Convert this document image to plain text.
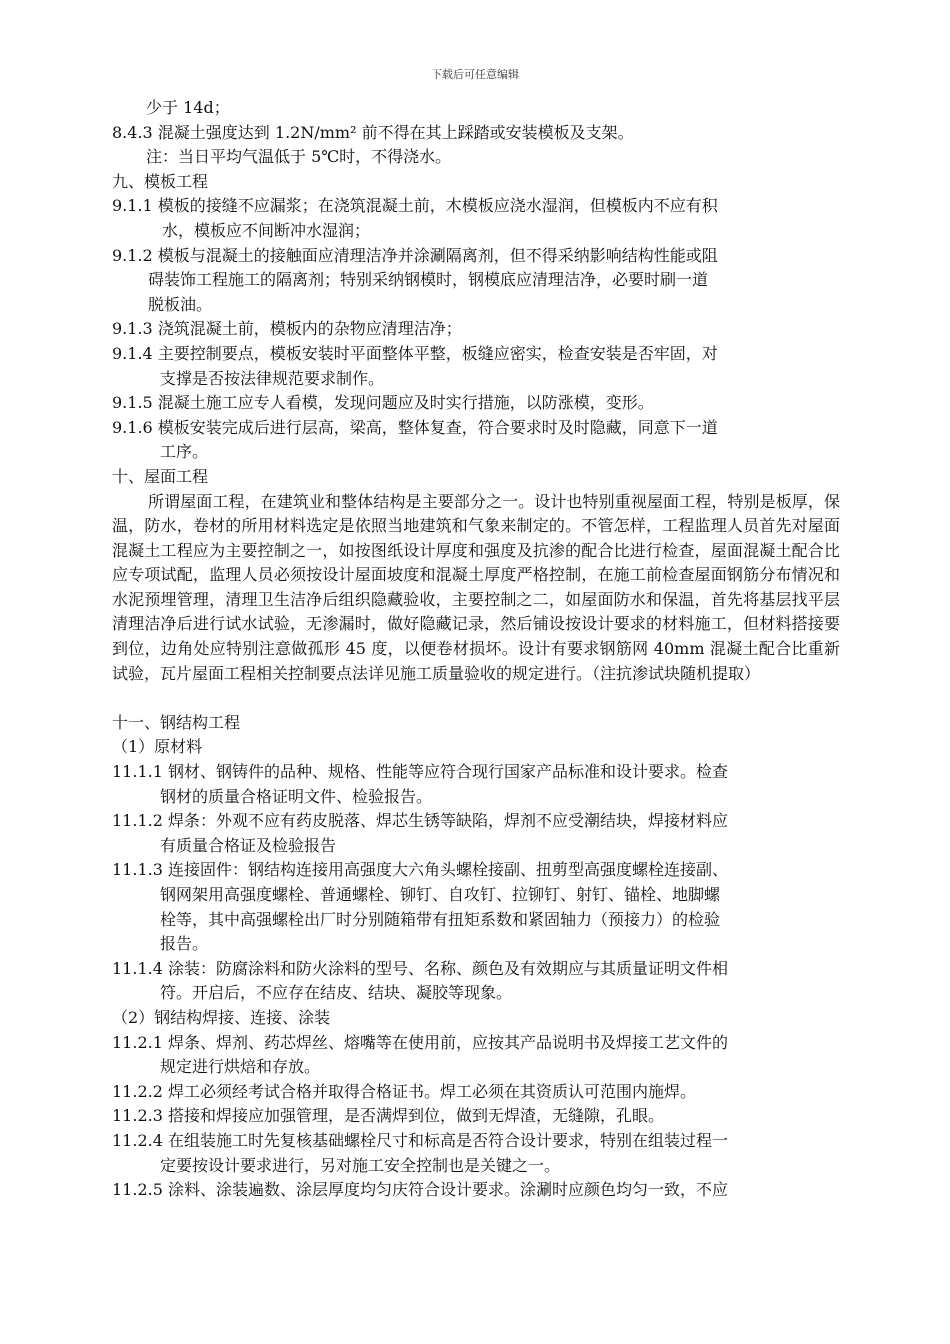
下载后可任意编辑
少于 14d；
8.4.3 混凝土强度达到 1.2N/mm² 前不得在其上踩踏或安装模板及支架。
注：当日平均气温低于 5℃时，不得浇水。
九、模板工程
9.1.1 模板的接缝不应漏浆；在浇筑混凝土前，木模板应浇水湿润，但模板内不应有积
水，模板应不间断冲水湿润；
9.1.2 模板与混凝土的接触面应清理洁净并涂涮隔离剂，但不得采纳影响结构性能或阻
碍装饰工程施工的隔离剂；特别采纳钢模时，钢模底应清理洁净，必要时刷一道
脱板油。
9.1.3 浇筑混凝土前，模板内的杂物应清理洁净；
9.1.4 主要控制要点，模板安装时平面整体平整，板缝应密实，检查安装是否牢固，对
支撑是否按法律规范要求制作。
9.1.5 混凝土施工应专人看模，发现问题应及时实行措施，以防涨模，变形。
9.1.6 模板安装完成后进行层高，梁高，整体复查，符合要求时及时隐藏，同意下一道
工序。
十、屋面工程
所谓屋面工程，在建筑业和整体结构是主要部分之一。设计也特别重视屋面工程，特别是板厚，保温，防水，卷材的所用材料选定是依照当地建筑和气象来制定的。不管怎样，工程监理人员首先对屋面混凝土工程应为主要控制之一，如按图纸设计厚度和强度及抗渗的配合比进行检查，屋面混凝土配合比应专项试配，监理人员必须按设计屋面坡度和混凝土厚度严格控制，在施工前检查屋面钢筋分布情况和水泥预埋管理，清理卫生洁净后组织隐藏验收，主要控制之二，如屋面防水和保温，首先将基层找平层清理洁净后进行试水试验，无渗漏时，做好隐藏记录，然后铺设按设计要求的材料施工，但材料搭接要到位，边角处应特别注意做孤形 45 度，以便卷材损坏。设计有要求钢筋网 40mm 混凝土配合比重新试验，瓦片屋面工程相关控制要点法详见施工质量验收的规定进行。（注抗渗试块随机提取）
十一、钢结构工程
（1）原材料
11.1.1 钢材、钢铸件的品种、规格、性能等应符合现行国家产品标准和设计要求。检查
钢材的质量合格证明文件、检验报告。
11.1.2 焊条：外观不应有药皮脱落、焊芯生锈等缺陷，焊剂不应受潮结块，焊接材料应
有质量合格证及检验报告
11.1.3 连接固件：钢结构连接用高强度大六角头螺栓接副、扭剪型高强度螺栓连接副、
钢网架用高强度螺栓、普通螺栓、铆钉、自攻钉、拉铆钉、射钉、锚栓、地脚螺
栓等，其中高强螺栓出厂时分别随箱带有扭矩系数和紧固轴力（预接力）的检验
报告。
11.1.4 涂装：防腐涂料和防火涂料的型号、名称、颜色及有效期应与其质量证明文件相
符。开启后，不应存在结皮、结块、凝胶等现象。
（2）钢结构焊接、连接、涂装
11.2.1 焊条、焊剂、药芯焊丝、熔嘴等在使用前，应按其产品说明书及焊接工艺文件的
规定进行烘焙和存放。
11.2.2 焊工必须经考试合格并取得合格证书。焊工必须在其资质认可范围内施焊。
11.2.3 搭接和焊接应加强管理，是否满焊到位，做到无焊渣，无缝隙，孔眼。
11.2.4 在组装施工时先复核基础螺栓尺寸和标高是否符合设计要求，特别在组装过程一
定要按设计要求进行，另对施工安全控制也是关键之一。
11.2.5 涂料、涂装遍数、涂层厚度均匀庆符合设计要求。涂涮时应颜色均匀一致，不应
